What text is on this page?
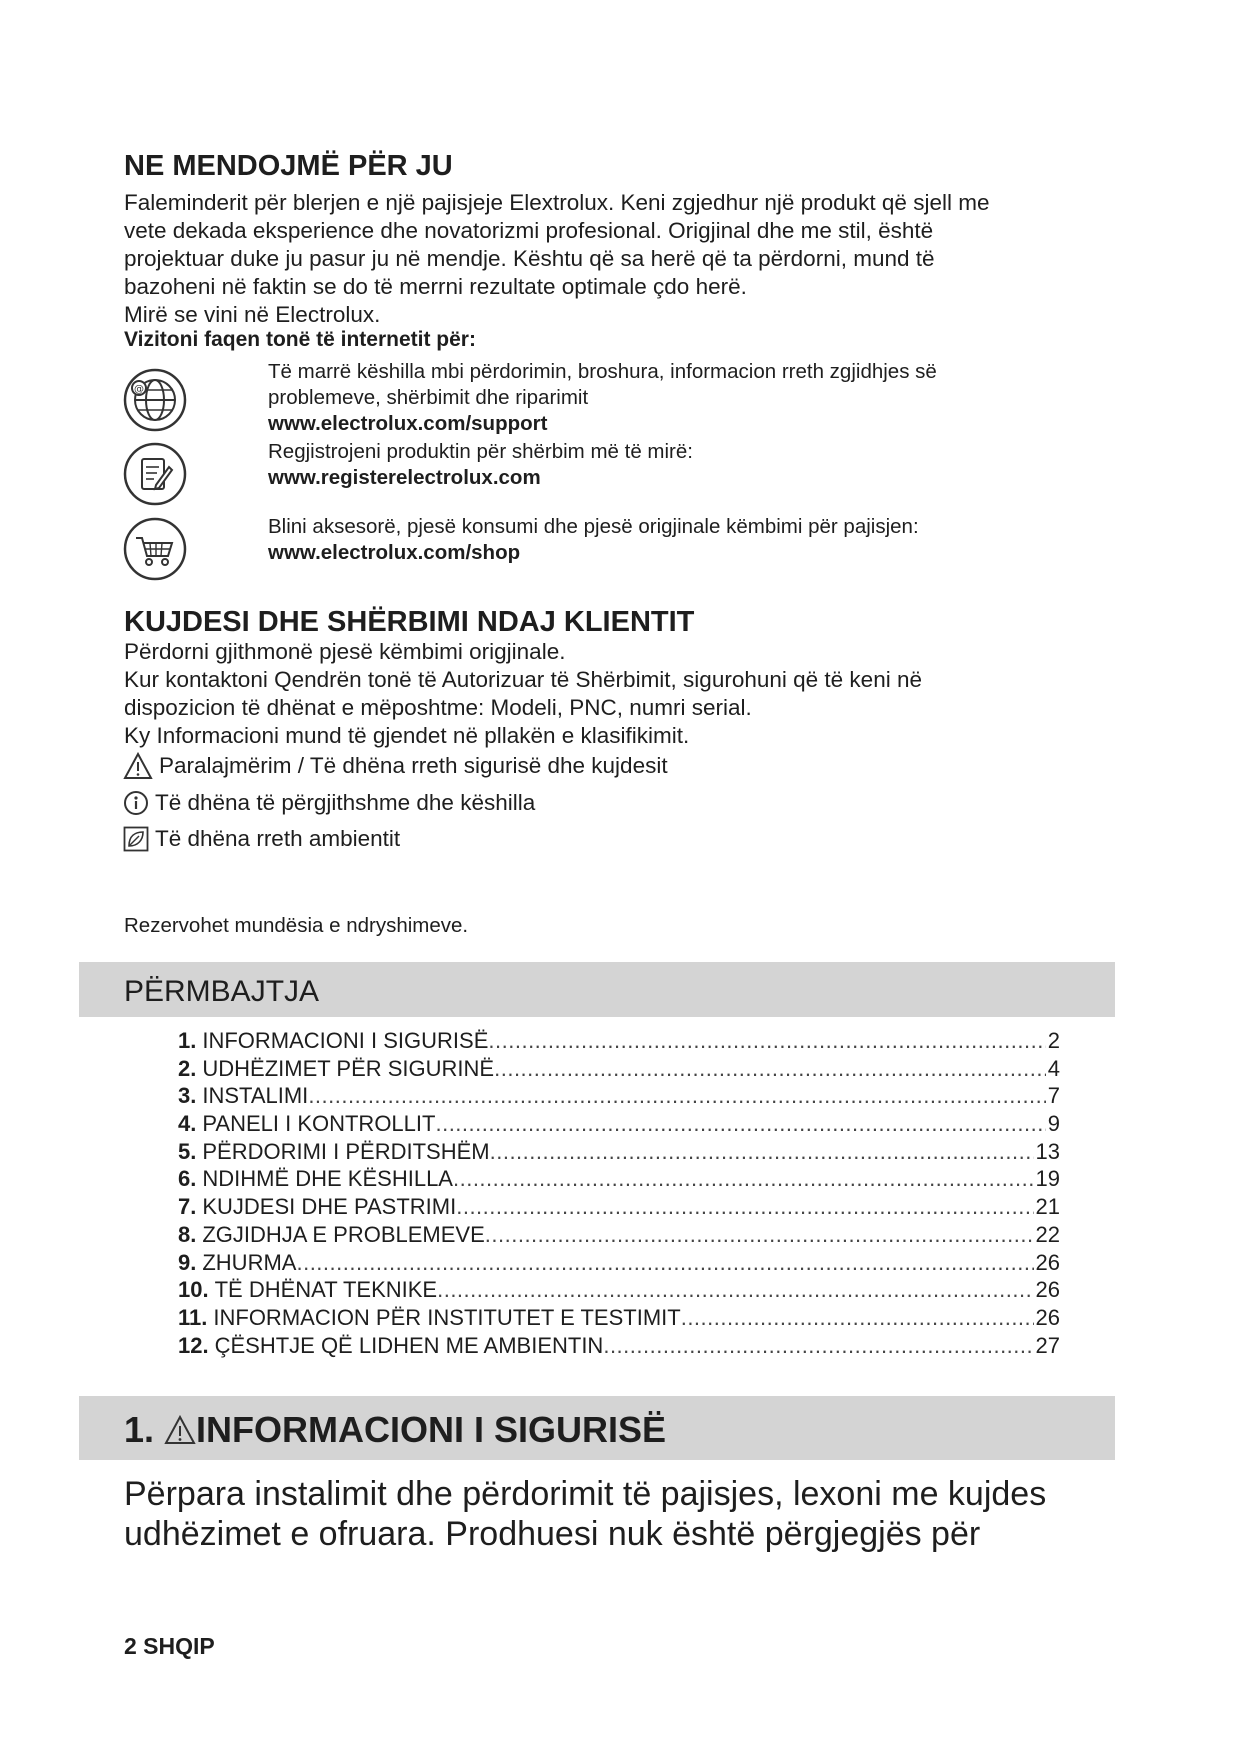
NE MENDOJMË PËR JU
Faleminderit për blerjen e një pajisjeje Elextrolux. Keni zgjedhur një produkt që sjell me
vete dekada eksperience dhe novatorizmi profesional. Origjinal dhe me stil, është
projektuar duke ju pasur ju në mendje. Kështu që sa herë që ta përdorni, mund të
bazoheni në faktin se do të merrni rezultate optimale çdo herë.
Mirë se vini në Electrolux.
Vizitoni faqen tonë të internetit për:
@
Të marrë këshilla mbi përdorimin, broshura, informacion rreth zgjidhjes së
problemeve, shërbimit dhe riparimit
www.electrolux.com/support
Regjistrojeni produktin për shërbim më të mirë:
www.registerelectrolux.com
Blini aksesorë, pjesë konsumi dhe pjesë origjinale këmbimi për pajisjen:
www.electrolux.com/shop
KUJDESI DHE SHËRBIMI NDAJ KLIENTIT
Përdorni gjithmonë pjesë këmbimi origjinale.
Kur kontaktoni Qendrën tonë të Autorizuar të Shërbimit, sigurohuni që të keni në
dispozicion të dhënat e mëposhtme: Modeli, PNC, numri serial.
Ky Informacioni mund të gjendet në pllakën e klasifikimit.
Paralajmërim / Të dhëna rreth sigurisë dhe kujdesit
Të dhëna të përgjithshme dhe këshilla
Të dhëna rreth ambientit
Rezervohet mundësia e ndryshimeve.
PËRMBAJTJA
1. INFORMACIONI I SIGURISË .....	2
2. UDHËZIMET PËR SIGURINË .....	4
3. INSTALIMI .....	7
4. PANELI I KONTROLLIT .....	9
5. PËRDORIMI I PËRDITSHËM .....	13
6. NDIHMË DHE KËSHILLA .....	19
7. KUJDESI DHE PASTRIMI .....	21
8. ZGJIDHJA E PROBLEMEVE .....	22
9. ZHURMA .....	26
10. TË DHËNAT TEKNIKE .....	26
11. INFORMACION PËR INSTITUTET E TESTIMIT .....	26
12. ÇËSHTJE QË LIDHEN ME AMBIENTIN .....	27
1. INFORMACIONI I SIGURISË
Përpara instalimit dhe përdorimit të pajisjes, lexoni me kujdes
udhëzimet e ofruara. Prodhuesi nuk është përgjegjës për
2 SHQIP
